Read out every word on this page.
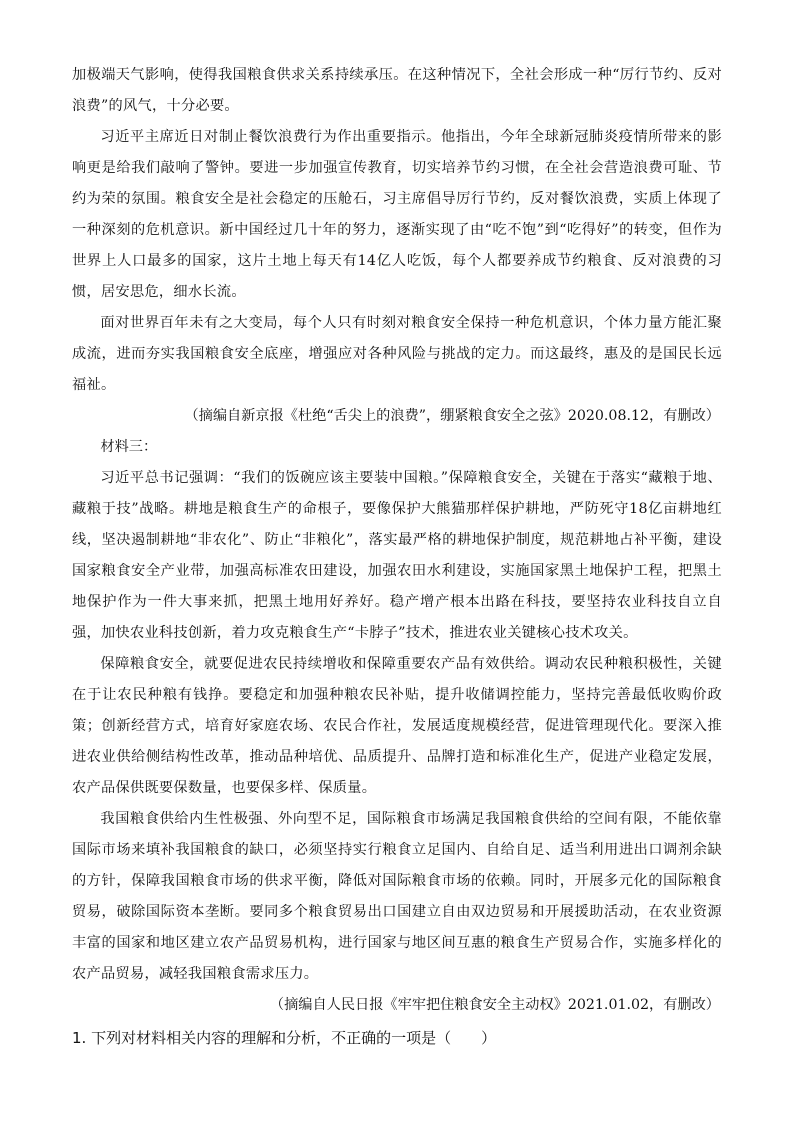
加极端天气影响，使得我国粮食供求关系持续承压。在这种情况下，全社会形成一种“厉行节约、反对浪费”的风气，十分必要。

习近平主席近日对制止餐饮浪费行为作出重要指示。他指出，今年全球新冠肺炎疫情所带来的影响更是给我们敲响了警钟。要进一步加强宣传教育，切实培养节约习惯，在全社会营造浪费可耻、节约为荣的氛围。粮食安全是社会稳定的压舱石，习主席倡导厉行节约，反对餐饮浪费，实质上体现了一种深刻的危机意识。新中国经过几十年的努力，逐渐实现了由“吃不饱”到“吃得好”的转变，但作为世界上人口最多的国家，这片土地上每天有14亿人吃饭，每个人都要养成节约粮食、反对浪费的习惯，居安思危，细水长流。

面对世界百年未有之大变局，每个人只有时刻对粮食安全保持一种危机意识，个体力量方能汇聚成流，进而夯实我国粮食安全底座，增强应对各种风险与挑战的定力。而这最终，惠及的是国民长远福祉。

（摘编自新京报《杜绝“舌尖上的浪费”，绷紧粮食安全之弦》2020.08.12，有删改）

材料三：

习近平总书记强调：“我们的饭碗应该主要装中国粮。”保障粮食安全，关键在于落实“藏粮于地、藏粮于技”战略。耕地是粮食生产的命根子，要像保护大熊猫那样保护耕地，严防死守18亿亩耕地红线，坚决遏制耕地“非农化”、防止“非粮化”，落实最严格的耕地保护制度，规范耕地占补平衡，建设国家粮食安全产业带，加强高标准农田建设，加强农田水利建设，实施国家黑土地保护工程，把黑土地保护作为一件大事来抓，把黑土地用好养好。稳产增产根本出路在科技，要坚持农业科技自立自强，加快农业科技创新，着力攻克粮食生产“卡脖子”技术，推进农业关键核心技术攻关。

保障粮食安全，就要促进农民持续增收和保障重要农产品有效供给。调动农民种粮积极性，关键在于让农民种粮有钱挣。要稳定和加强种粮农民补贴，提升收储调控能力，坚持完善最低收购价政策；创新经营方式，培育好家庭农场、农民合作社，发展适度规模经营，促进管理现代化。要深入推进农业供给侧结构性改革，推动品种培优、品质提升、品牌打造和标准化生产，促进产业稳定发展，农产品保供既要保数量，也要保多样、保质量。

我国粮食供给内生性极强、外向型不足，国际粮食市场满足我国粮食供给的空间有限，不能依靠国际市场来填补我国粮食的缺口，必须坚持实行粮食立足国内、自给自足、适当利用进出口调剂余缺的方针，保障我国粮食市场的供求平衡，降低对国际粮食市场的依赖。同时，开展多元化的国际粮食贸易，破除国际资本垄断。要同多个粮食贸易出口国建立自由双边贸易和开展援助活动，在农业资源丰富的国家和地区建立农产品贸易机构，进行国家与地区间互惠的粮食生产贸易合作，实施多样化的农产品贸易，减轻我国粮食需求压力。

（摘编自人民日报《牢牢把住粮食安全主动权》2021.01.02，有删改）

1. 下列对材料相关内容的理解和分析，不正确的一项是（　　）
